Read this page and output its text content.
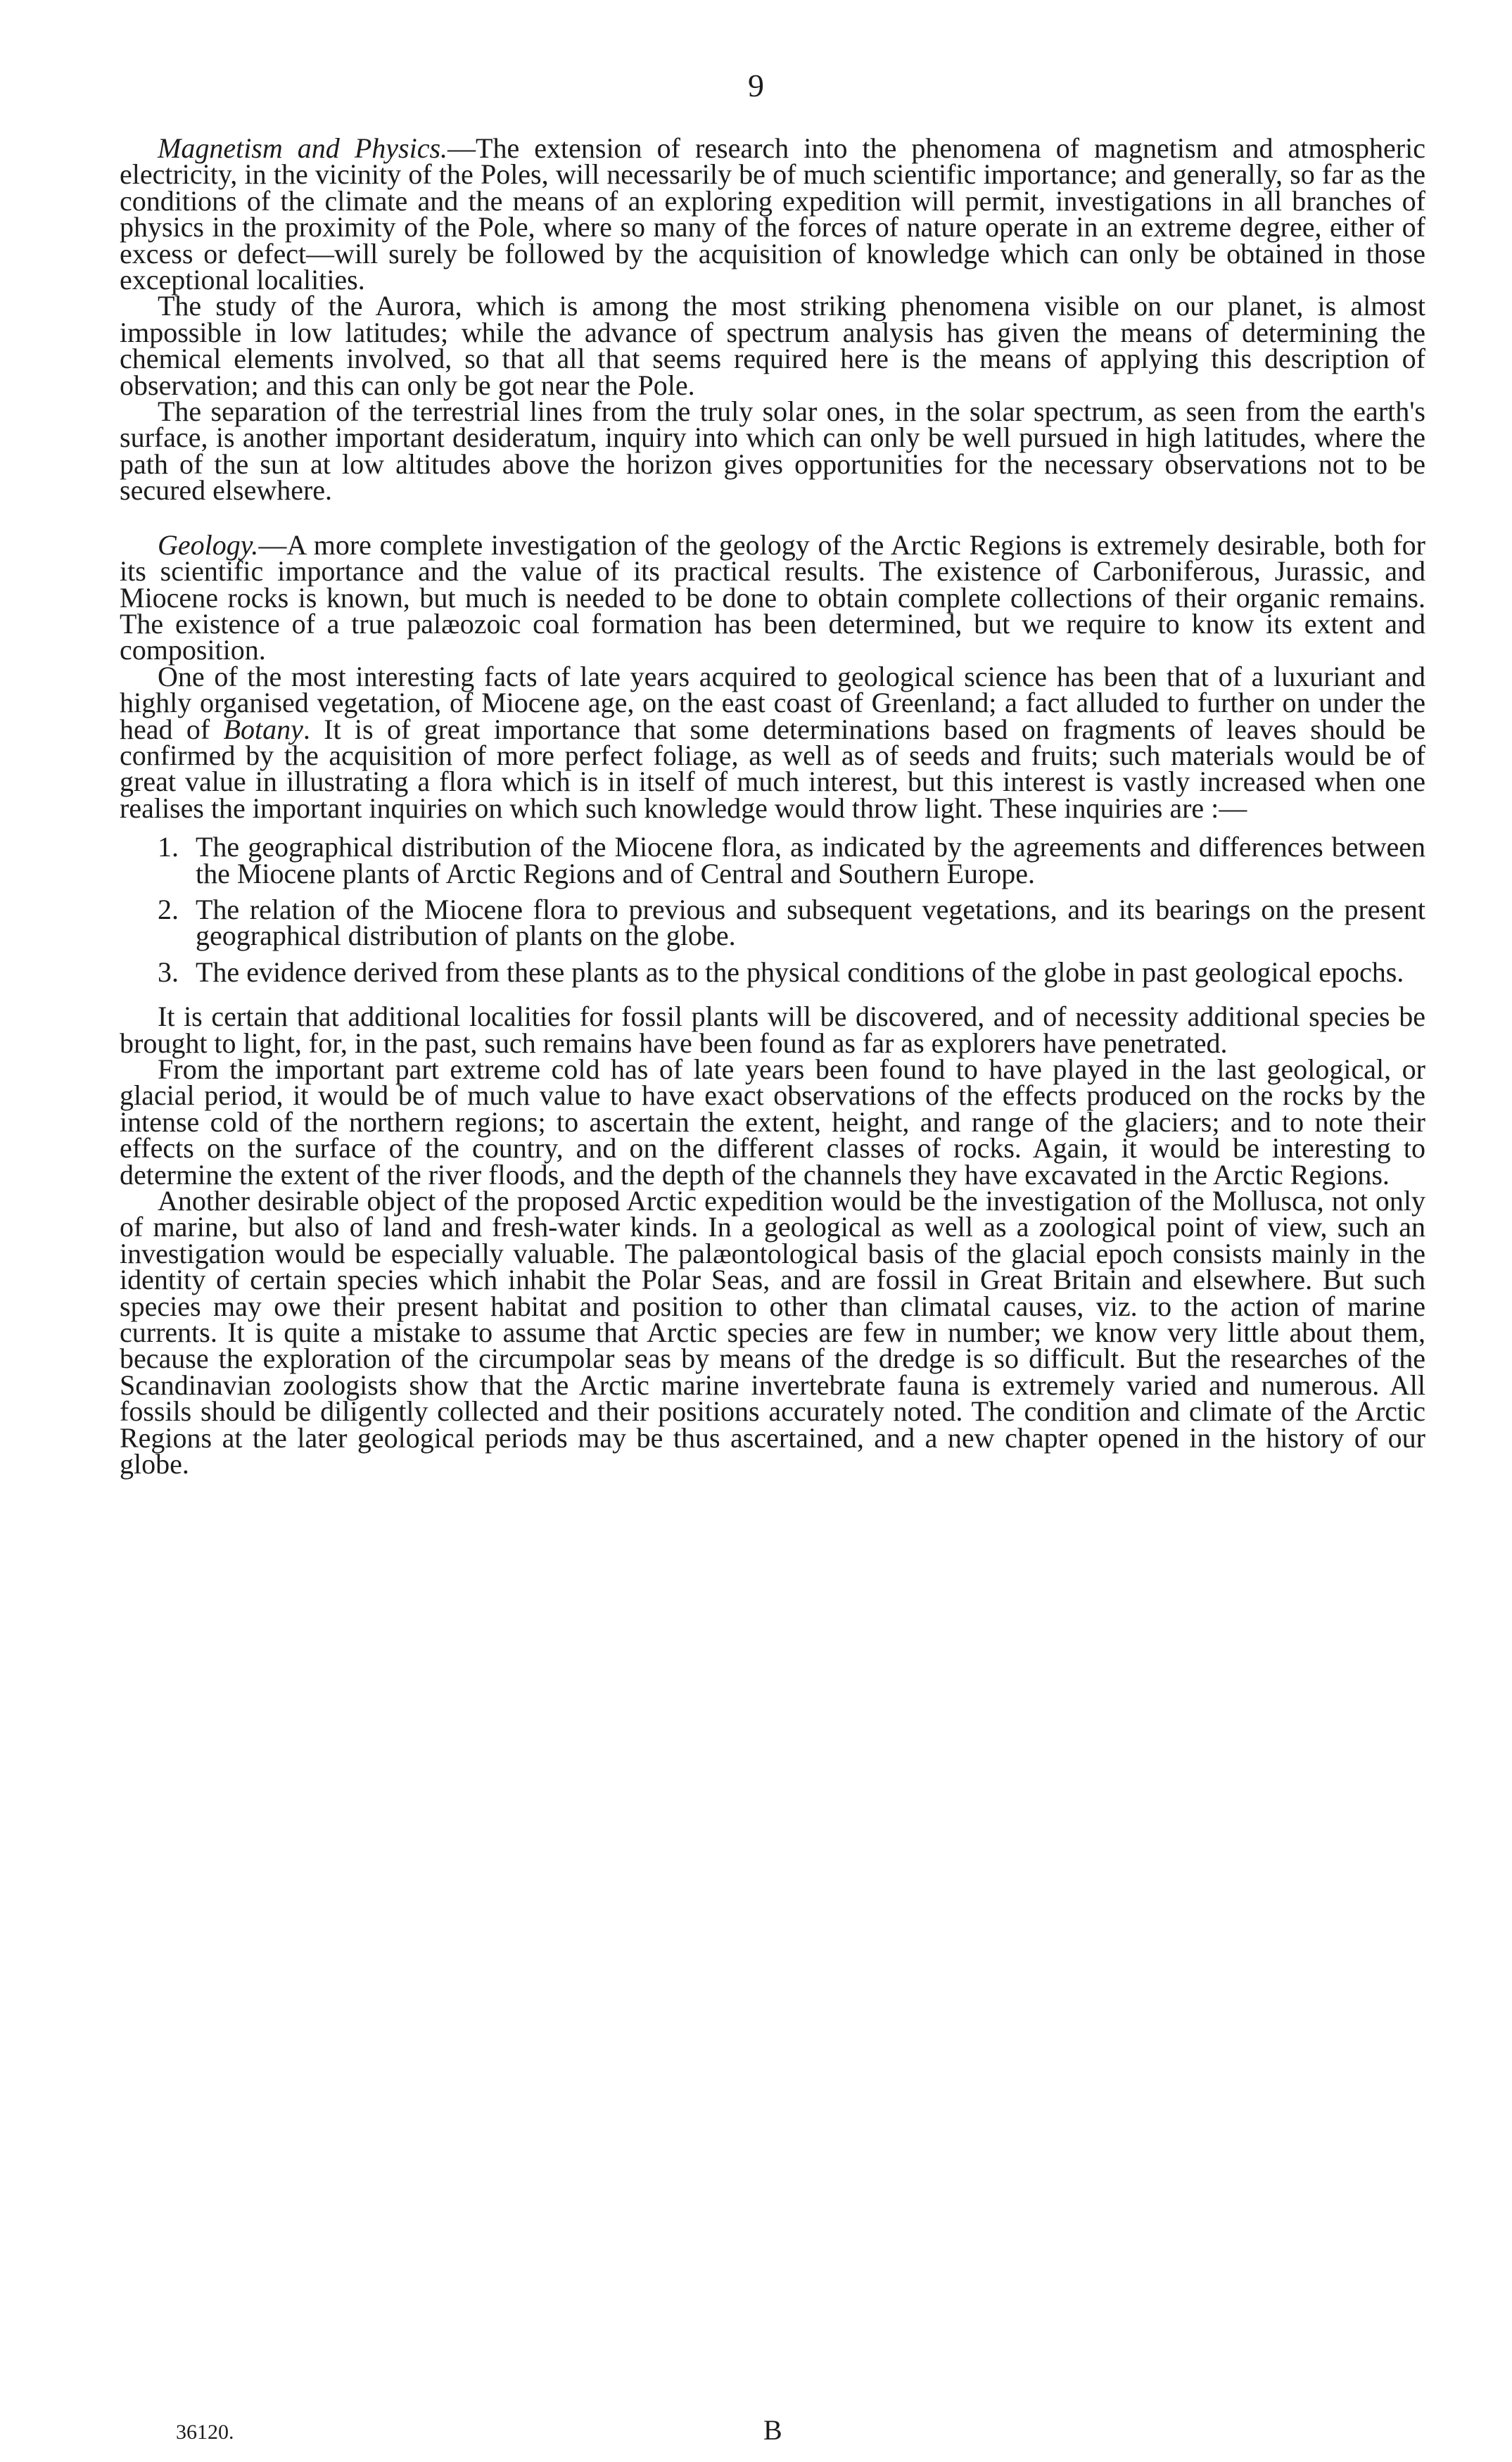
9

Magnetism and Physics.—The extension of research into the phenomena of magnetism and atmospheric electricity, in the vicinity of the Poles, will necessarily be of much scientific importance; and generally, so far as the conditions of the climate and the means of an exploring expedition will permit, investigations in all branches of physics in the proximity of the Pole, where so many of the forces of nature operate in an extreme degree, either of excess or defect—will surely be followed by the acquisition of knowledge which can only be obtained in those exceptional localities.

The study of the Aurora, which is among the most striking phenomena visible on our planet, is almost impossible in low latitudes; while the advance of spectrum analysis has given the means of determining the chemical elements involved, so that all that seems required here is the means of applying this description of observation; and this can only be got near the Pole.

The separation of the terrestrial lines from the truly solar ones, in the solar spectrum, as seen from the earth's surface, is another important desideratum, inquiry into which can only be well pursued in high latitudes, where the path of the sun at low altitudes above the horizon gives opportunities for the necessary observations not to be secured elsewhere.

Geology.—A more complete investigation of the geology of the Arctic Regions is extremely desirable, both for its scientific importance and the value of its practical results. The existence of Carboniferous, Jurassic, and Miocene rocks is known, but much is needed to be done to obtain complete collections of their organic remains. The existence of a true palæozoic coal formation has been determined, but we require to know its extent and composition.

One of the most interesting facts of late years acquired to geological science has been that of a luxuriant and highly organised vegetation, of Miocene age, on the east coast of Greenland; a fact alluded to further on under the head of Botany. It is of great importance that some determinations based on fragments of leaves should be confirmed by the acquisition of more perfect foliage, as well as of seeds and fruits; such materials would be of great value in illustrating a flora which is in itself of much interest, but this interest is vastly increased when one realises the important inquiries on which such knowledge would throw light. These inquiries are :—

1. The geographical distribution of the Miocene flora, as indicated by the agreements and differences between the Miocene plants of Arctic Regions and of Central and Southern Europe.
2. The relation of the Miocene flora to previous and subsequent vegetations, and its bearings on the present geographical distribution of plants on the globe.
3. The evidence derived from these plants as to the physical conditions of the globe in past geological epochs.

It is certain that additional localities for fossil plants will be discovered, and of necessity additional species be brought to light, for, in the past, such remains have been found as far as explorers have penetrated.

From the important part extreme cold has of late years been found to have played in the last geological, or glacial period, it would be of much value to have exact observations of the effects produced on the rocks by the intense cold of the northern regions; to ascertain the extent, height, and range of the glaciers; and to note their effects on the surface of the country, and on the different classes of rocks. Again, it would be interesting to determine the extent of the river floods, and the depth of the channels they have excavated in the Arctic Regions.

Another desirable object of the proposed Arctic expedition would be the investigation of the Mollusca, not only of marine, but also of land and fresh-water kinds. In a geological as well as a zoological point of view, such an investigation would be especially valuable. The palæontological basis of the glacial epoch consists mainly in the identity of certain species which inhabit the Polar Seas, and are fossil in Great Britain and elsewhere. But such species may owe their present habitat and position to other than climatal causes, viz. to the action of marine currents. It is quite a mistake to assume that Arctic species are few in number; we know very little about them, because the exploration of the circumpolar seas by means of the dredge is so difficult. But the researches of the Scandinavian zoologists show that the Arctic marine invertebrate fauna is extremely varied and numerous. All fossils should be diligently collected and their positions accurately noted. The condition and climate of the Arctic Regions at the later geological periods may be thus ascertained, and a new chapter opened in the history of our globe.

36120.	B
